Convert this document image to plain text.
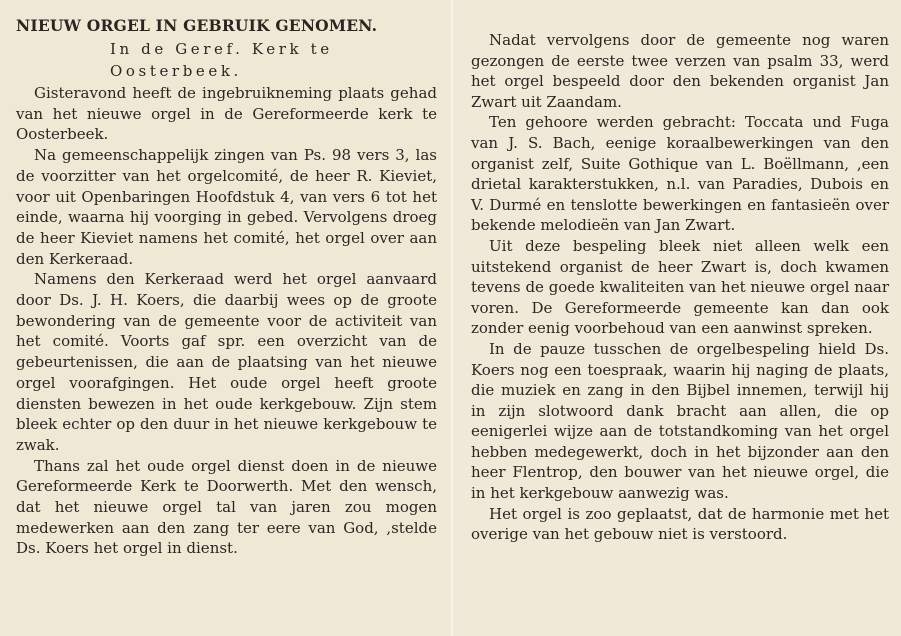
NIEUW ORGEL IN GEBRUIK GENOMEN.
In de Geref. Kerk te Oosterbeek.

Gisteravond heeft de ingebruikneming plaats gehad van het nieuwe orgel in de Gereformeerde kerk te Oosterbeek.

Na gemeenschappelijk zingen van Ps. 98 vers 3, las de voorzitter van het orgelcomité, de heer R. Kieviet, voor uit Openbaringen Hoofdstuk 4, van vers 6 tot het einde, waarna hij voorging in gebed. Vervolgens droeg de heer Kieviet namens het comité, het orgel over aan den Kerkeraad.

Namens den Kerkeraad werd het orgel aanvaard door Ds. J. H. Koers, die daarbij wees op de groote bewondering van de gemeente voor de activiteit van het comité. Voorts gaf spr. een overzicht van de gebeurtenissen, die aan de plaatsing van het nieuwe orgel voorafgingen. Het oude orgel heeft groote diensten bewezen in het oude kerkgebouw. Zijn stem bleek echter op den duur in het nieuwe kerkgebouw te zwak.

Thans zal het oude orgel dienst doen in de nieuwe Gereformeerde Kerk te Doorwerth. Met den wensch, dat het nieuwe orgel tal van jaren zou mogen medewerken aan den zang ter eere van God, ,stelde Ds. Koers het orgel in dienst.

Nadat vervolgens door de gemeente nog waren gezongen de eerste twee verzen van psalm 33, werd het orgel bespeeld door den bekenden organist Jan Zwart uit Zaandam.

Ten gehoore werden gebracht: Toccata und Fuga van J. S. Bach, eenige koraalbewerkingen van den organist zelf, Suite Gothique van L. Boëllmann, ,een drietal karakterstukken, n.l. van Paradies, Dubois en V. Durmé en tenslotte bewerkingen en fantasieën over bekende melodieën van Jan Zwart.

Uit deze bespeling bleek niet alleen welk een uitstekend organist de heer Zwart is, doch kwamen tevens de goede kwaliteiten van het nieuwe orgel naar voren. De Gereformeerde gemeente kan dan ook zonder eenig voorbehoud van een aanwinst spreken.

In de pauze tusschen de orgelbespeling hield Ds. Koers nog een toespraak, waarin hij naging de plaats, die muziek en zang in den Bijbel innemen, terwijl hij in zijn slotwoord dank bracht aan allen, die op eenigerlei wijze aan de totstandkoming van het orgel hebben medegewerkt, doch in het bijzonder aan den heer Flentrop, den bouwer van het nieuwe orgel, die in het kerkgebouw aanwezig was.

Het orgel is zoo geplaatst, dat de harmonie met het overige van het gebouw niet is verstoord.
